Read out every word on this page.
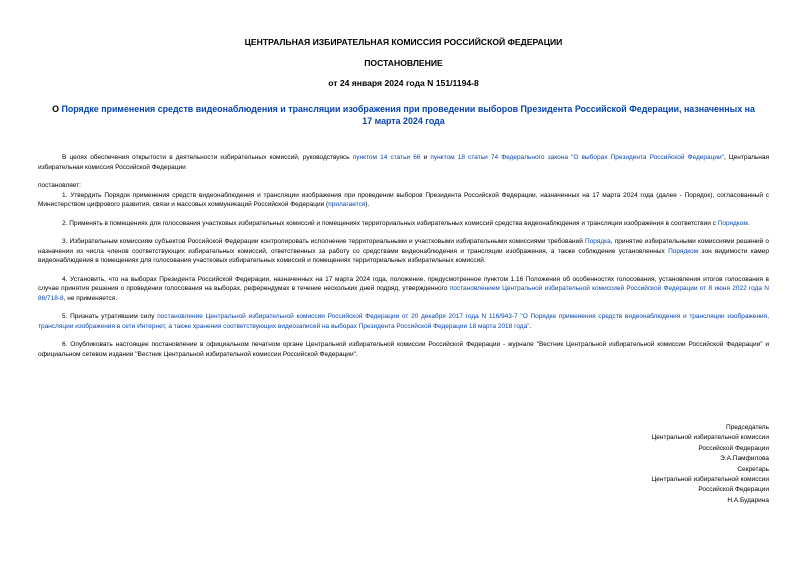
ЦЕНТРАЛЬНАЯ ИЗБИРАТЕЛЬНАЯ КОМИССИЯ РОССИЙСКОЙ ФЕДЕРАЦИИ
ПОСТАНОВЛЕНИЕ
от 24 января 2024 года N 151/1194-8
О Порядке применения средств видеонаблюдения и трансляции изображения при проведении выборов Президента Российской Федерации, назначенных на 17 марта 2024 года

В целях обеспечения открытости в деятельности избирательных комиссий, руководствуясь пунктом 14 статьи 66 и пунктом 18 статьи 74 Федерального закона "О выборах Президента Российской Федерации", Центральная избирательная комиссия Российской Федерации

постановляет:

1. Утвердить Порядок применения средств видеонаблюдения и трансляции изображения при проведении выборов Президента Российской Федерации, назначенных на 17 марта 2024 года (далее - Порядок), согласованный с Министерством цифрового развития, связи и массовых коммуникаций Российской Федерации (прилагается).

2. Применять в помещениях для голосования участковых избирательных комиссий и помещениях территориальных избирательных комиссий средства видеонаблюдения и трансляции изображения в соответствии с Порядком.

3. Избирательным комиссиям субъектов Российской Федерации контролировать исполнение территориальными и участковыми избирательными комиссиями требований Порядка, принятие избирательными комиссиями решений о назначении из числа членов соответствующих избирательных комиссий, ответственных за работу со средствами видеонаблюдения и трансляции изображения, а также соблюдение установленных Порядком зон видимости камер видеонаблюдения в помещениях для голосования участковых избирательных комиссий и помещениях территориальных избирательных комиссий.

4. Установить, что на выборах Президента Российской Федерации, назначенных на 17 марта 2024 года, положение, предусмотренное пунктом 1.16 Положения об особенностях голосования, установления итогов голосования в случае принятия решения о проведении голосования на выборах, референдумах в течение нескольких дней подряд, утвержденного постановлением Центральной избирательной комиссией Российской Федерации от 8 июня 2022 года N 86/718-8, не применяется.

5. Признать утратившим силу постановление Центральной избирательной комиссии Российской Федерации от 20 декабря 2017 года N 116/943-7 "О Порядке применения средств видеонаблюдения и трансляции изображения, трансляции изображения в сети Интернет, а также хранения соответствующих видеозаписей на выборах Президента Российской Федерации 18 марта 2018 года".

6. Опубликовать настоящее постановление в официальном печатном органе Центральной избирательной комиссии Российской Федерации - журнале "Вестник Центральной избирательной комиссии Российской Федерации" и официальном сетевом издании "Вестник Центральной избирательной комиссии Российской Федерации".

Председатель
Центральной избирательной комиссии
Российской Федерации
Э.А.Памфилова
Секретарь
Центральной избирательной комиссии
Российской Федерации
Н.А.Бударина
